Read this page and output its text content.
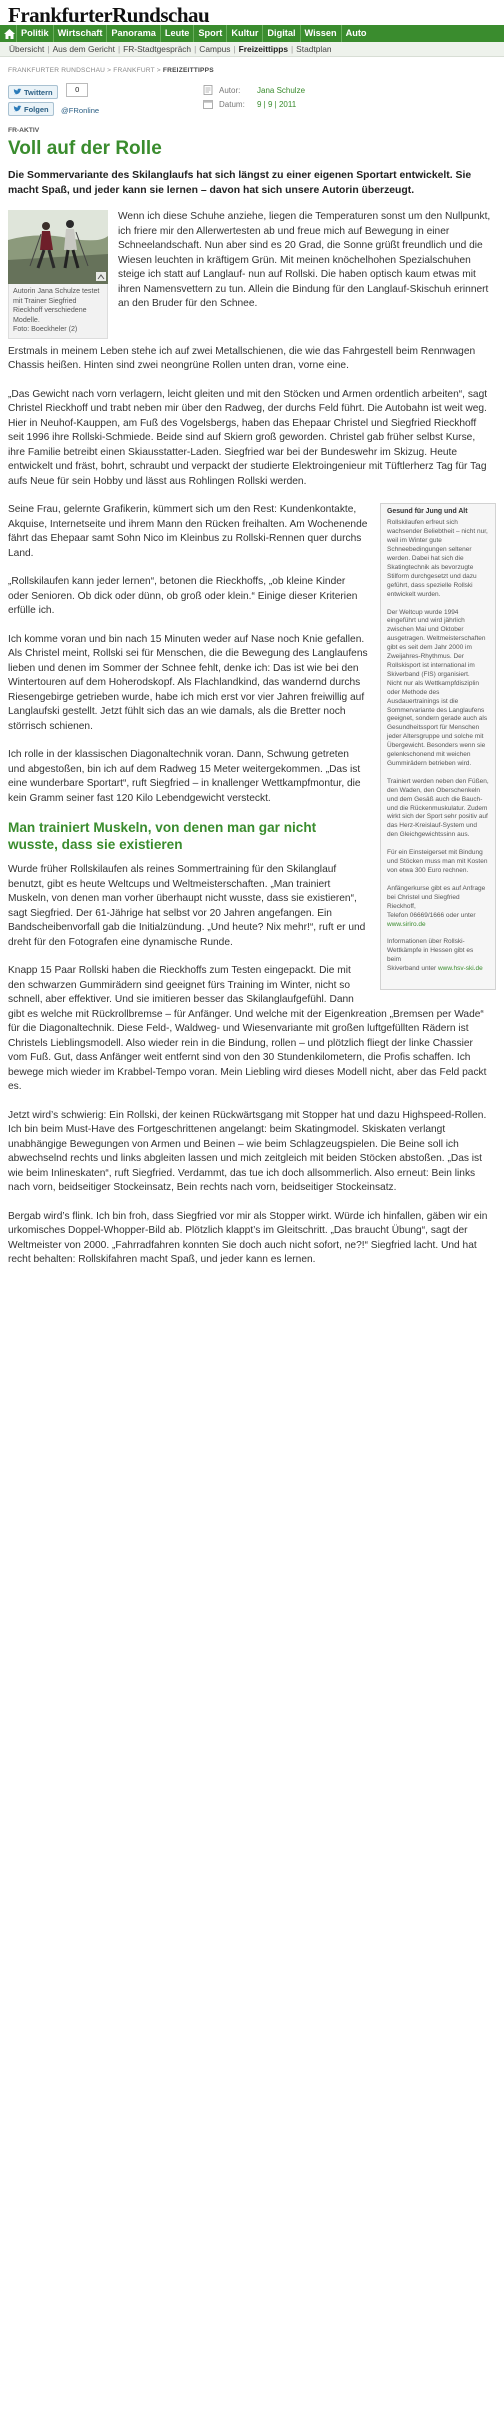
FrankfurterRundschau
Politik Wirtschaft Panorama Leute Sport Kultur Digital Wissen Auto
Übersicht | Aus dem Gericht | FR-Stadtgespräch | Campus | Freizeittipps | Stadtplan
FRANKFURTER RUNDSCHAU > FRANKFURT > FREIZEITTIPPS
Twittern	0
Folgen @FRonline
Autor:	Jana Schulze
Datum:	9 | 9 | 2011
FR-AKTIV
Voll auf der Rolle
Die Sommervariante des Skilanglaufs hat sich längst zu einer eigenen Sportart entwickelt. Sie macht Spaß, und jeder kann sie lernen – davon hat sich unsere Autorin überzeugt.
Autorin Jana Schulze testet mit Trainer Siegfried Rieckhoff verschiedene Modelle.
Foto: Boeckheler (2)

Wenn ich diese Schuhe anziehe, liegen die Temperaturen sonst um den Nullpunkt, ich friere mir den Allerwertesten ab und freue mich auf Bewegung in einer Schneelandschaft. Nun aber sind es 20 Grad, die Sonne grüßt freundlich und die Wiesen leuchten in kräftigem Grün. Mit meinen knöchelhohen Spezialschuhen steige ich statt auf Langlauf- nun auf Rollski. Die haben optisch kaum etwas mit ihren Namensvettern zu tun. Allein die Bindung für den Langlauf-Skischuh erinnert an den Bruder für den Schnee.

Erstmals in meinem Leben stehe ich auf zwei Metallschienen, die wie das Fahrgestell beim Rennwagen Chassis heißen. Hinten sind zwei neongrüne Rollen unten dran, vorne eine.

„Das Gewicht nach vorn verlagern, leicht gleiten und mit den Stöcken und Armen ordentlich arbeiten“, sagt Christel Rieckhoff und trabt neben mir über den Radweg, der durchs Feld führt. Die Autobahn ist weit weg. Hier in Neuhof-Kauppen, am Fuß des Vogelsbergs, haben das Ehepaar Christel und Siegfried Rieckhoff seit 1996 ihre Rollski-Schmiede. Beide sind auf Skiern groß geworden. Christel gab früher selbst Kurse, ihre Familie betreibt einen Skiausstatter-Laden. Siegfried war bei der Bundeswehr im Skizug. Heute entwickelt und fräst, bohrt, schraubt und verpackt der studierte Elektroingenieur mit Tüftlerherz Tag für Tag aufs Neue für sein Hobby und lässt aus Rohlingen Rollski werden.

Gesund für Jung und Alt

Rollskilaufen erfreut sich wachsender Beliebtheit – nicht nur, weil im Winter gute Schneebedingungen seltener werden. Dabei hat sich die Skatingtechnik als bevorzugte Stilform durchgesetzt und dazu geführt, dass spezielle Rollski entwickelt wurden.

Der Weltcup wurde 1994 eingeführt und wird jährlich zwischen Mai und Oktober ausgetragen. Weltmeisterschaften gibt es seit dem Jahr 2000 im Zweijahres-Rhythmus. Der Rollskisport ist international im Skiverband (FIS) organisiert.
Nicht nur als Wettkampfdisziplin oder Methode des Ausdauertrainings ist die Sommervariante des Langlaufens geeignet, sondern gerade auch als Gesundheitssport für Menschen jeder Altersgruppe und solche mit Übergewicht. Besonders wenn sie gelenkschonend mit weichen Gummirädern betrieben wird.

Trainiert werden neben den Füßen, den Waden, den Oberschenkeln und dem Gesäß auch die Bauch- und die Rückenmuskulatur. Zudem wirkt sich der Sport sehr positiv auf das Herz-Kreislauf-System und den Gleichgewichtssinn aus.

Für ein Einsteigerset mit Bindung und Stöcken muss man mit Kosten von etwa 300 Euro rechnen.

Anfängerkurse gibt es auf Anfrage
bei Christel und Siegfried Rieckhoff,
Telefon 06669/1666 oder unter www.siriro.de

Informationen über Rollski-Wettkämpfe in Hessen gibt es beim
Skiverband unter www.hsv-ski.de

Seine Frau, gelernte Grafikerin, kümmert sich um den Rest: Kundenkontakte, Akquise, Internetseite und ihrem Mann den Rücken freihalten. Am Wochenende fährt das Ehepaar samt Sohn Nico im Kleinbus zu Rollski-Rennen quer durchs Land.

„Rollskilaufen kann jeder lernen“, betonen die Rieckhoffs, „ob kleine Kinder oder Senioren. Ob dick oder dünn, ob groß oder klein.“ Einige dieser Kriterien erfülle ich.

Ich komme voran und bin nach 15 Minuten weder auf Nase noch Knie gefallen. Als Christel meint, Rollski sei für Menschen, die die Bewegung des Langlaufens lieben und denen im Sommer der Schnee fehlt, denke ich: Das ist wie bei den Wintertouren auf dem Hoherodskopf. Als Flachlandkind, das wandernd durchs Riesengebirge getrieben wurde, habe ich mich erst vor vier Jahren freiwillig auf Langlaufski gestellt. Jetzt fühlt sich das an wie damals, als die Bretter noch störrisch schienen.

Ich rolle in der klassischen Diagonaltechnik voran. Dann, Schwung getreten und abgestoßen, bin ich auf dem Radweg 15 Meter weitergekommen. „Das ist eine wunderbare Sportart“, ruft Siegfried – in knallenger Wettkampfmontur, die kein Gramm seiner fast 120 Kilo Lebendgewicht versteckt.

Man trainiert Muskeln, von denen man gar nicht wusste, dass sie existieren

Wurde früher Rollskilaufen als reines Sommertraining für den Skilanglauf benutzt, gibt es heute Weltcups und Weltmeisterschaften. „Man trainiert Muskeln, von denen man vorher überhaupt nicht wusste, dass sie existieren“, sagt Siegfried. Der 61-Jährige hat selbst vor 20 Jahren angefangen. Ein Bandscheibenvorfall gab die Initialzündung. „Und heute? Nix mehr!“, ruft er und dreht für den Fotografen eine dynamische Runde.

Knapp 15 Paar Rollski haben die Rieckhoffs zum Testen eingepackt. Die mit den schwarzen Gummirädern sind geeignet fürs Training im Winter, nicht so schnell, aber effektiver. Und sie imitieren besser das Skilanglaufgefühl. Dann gibt es welche mit Rückrollbremse – für Anfänger. Und welche mit der Eigenkreation „Bremsen per Wade“ für die Diagonaltechnik. Diese Feld-, Waldweg- und Wiesenvariante mit großen luftgefüllten Rädern ist Christels Lieblingsmodell. Also wieder rein in die Bindung, rollen – und plötzlich fliegt der linke Chassier vom Fuß. Gut, dass Anfänger weit entfernt sind von den 30 Stundenkilometern, die Profis schaffen. Ich bewege mich wieder im Krabbel-Tempo voran. Mein Liebling wird dieses Modell nicht, aber das Feld packt es.

Jetzt wird’s schwierig: Ein Rollski, der keinen Rückwärtsgang mit Stopper hat und dazu Highspeed-Rollen. Ich bin beim Must-Have des Fortgeschrittenen angelangt: beim Skatingmodel. Skiskaten verlangt unabhängige Bewegungen von Armen und Beinen – wie beim Schlagzeugspielen. Die Beine soll ich abwechselnd rechts und links abgleiten lassen und mich zeitgleich mit beiden Stöcken abstoßen. „Das ist wie beim Inlineskaten“, ruft Siegfried. Verdammt, das tue ich doch allsommerlich. Also erneut: Bein links nach vorn, beidseitiger Stockeinsatz, Bein rechts nach vorn, beidseitiger Stockeinsatz.

Bergab wird’s flink. Ich bin froh, dass Siegfried vor mir als Stopper wirkt. Würde ich hinfallen, gäben wir ein urkomisches Doppel-Whopper-Bild ab. Plötzlich klappt’s im Gleitschritt. „Das braucht Übung“, sagt der Weltmeister von 2000. „Fahrradfahren konnten Sie doch auch nicht sofort, ne?!“ Siegfried lacht. Und hat recht behalten: Rollskifahren macht Spaß, und jeder kann es lernen.
